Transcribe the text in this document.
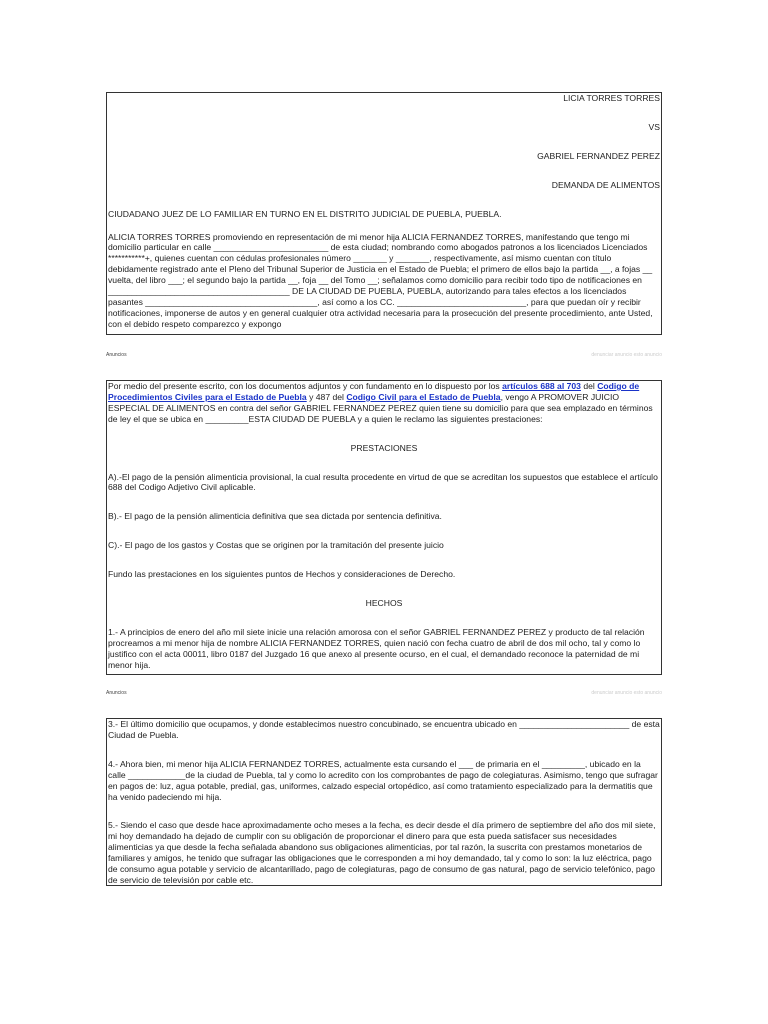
LICIA TORRES TORRES

VS

GABRIEL FERNANDEZ PEREZ

DEMANDA DE ALIMENTOS

CIUDADANO JUEZ DE LO FAMILIAR EN TURNO EN EL DISTRITO JUDICIAL DE PUEBLA, PUEBLA.

ALICIA TORRES TORRES promoviendo en representación de mi menor hija ALICIA FERNANDEZ TORRES, manifestando que tengo mi domicilio particular en calle ________________________ de esta ciudad; nombrando como abogados patronos a los licenciados Licenciados ***********+, quienes cuentan con cédulas profesionales número _______ y _______, respectivamente, así mismo cuentan con título debidamente registrado ante el Pleno del Tribunal Superior de Justicia en el Estado de Puebla; el primero de ellos bajo la partida __, a fojas __ vuelta, del libro ___; el segundo bajo la partida __, foja __ del Tomo __; señalamos como domicilio para recibir todo tipo de notificaciones en ______________________________________ DE LA CIUDAD DE PUEBLA, PUEBLA, autorizando para tales efectos a los licenciados pasantes ____________________________________, así como a los CC. ___________________________, para que puedan oír y recibir notificaciones, imponerse de autos y en general cualquier otra actividad necesaria para la prosecución del presente procedimiento, ante Usted, con el debido respeto comparezco y expongo

Anuncios	denunciar anuncio esto anuncio

Por medio del presente escrito, con los documentos adjuntos y con fundamento en lo dispuesto por los artículos 688 al 703 del Codigo de Procedimientos Civiles para el Estado de Puebla y 487 del Codigo Civil para el Estado de Puebla, vengo A PROMOVER JUICIO ESPECIAL DE ALIMENTOS en contra del señor GABRIEL FERNANDEZ PEREZ quien tiene su domicilio para que sea emplazado en términos de ley el que se ubica en _________ESTA CIUDAD DE PUEBLA y a quien le reclamo las siguientes prestaciones:

PRESTACIONES

A).-El pago de la pensión alimenticia provisional, la cual resulta procedente en virtud de que se acreditan los supuestos que establece el artículo 688 del Codigo Adjetivo Civil aplicable.

B).- El pago de la pensión alimenticia definitiva que sea dictada por sentencia definitiva.

C).- El pago de los gastos y Costas que se originen por la tramitación del presente juicio

Fundo las prestaciones en los siguientes puntos de Hechos y consideraciones de Derecho.

HECHOS

1.- A principios de enero del año mil siete inicie una relación amorosa con el señor GABRIEL FERNANDEZ PEREZ y producto de tal relación procreamos a mi menor hija de nombre ALICIA FERNANDEZ TORRES, quien nació con fecha cuatro de abril de dos mil ocho, tal y como lo justifico con el acta 00011, libro 0187 del Juzgado 16 que anexo al presente ocurso, en el cual, el demandado reconoce la paternidad de mi menor hija.

Anuncios	denunciar anuncio esto anuncio

3.- El último domicilio que ocupamos, y donde establecimos nuestro concubinado, se encuentra ubicado en _______________________ de esta Ciudad de Puebla.

4.- Ahora bien, mi menor hija ALICIA FERNANDEZ TORRES, actualmente esta cursando el ___ de primaria en el _________, ubicado en la calle ____________de la ciudad de Puebla, tal y como lo acredito con los comprobantes de pago de colegiaturas. Asimismo, tengo que sufragar en pagos de: luz, agua potable, predial, gas, uniformes, calzado especial ortopédico, así como tratamiento especializado para la dermatitis que ha venido padeciendo mi hija.

5.- Siendo el caso que desde hace aproximadamente ocho meses a la fecha, es decir desde el día primero de septiembre del año dos mil siete, mi hoy demandado ha dejado de cumplir con su obligación de proporcionar el dinero para que esta pueda satisfacer sus necesidades alimenticias ya que desde la fecha señalada abandono sus obligaciones alimenticias, por tal razón, la suscrita con prestamos monetarios de familiares y amigos, he tenido que sufragar las obligaciones que le corresponden a mi hoy demandado, tal y como lo son: la luz eléctrica, pago de consumo agua potable y servicio de alcantarillado, pago de colegiaturas, pago de consumo de gas natural, pago de servicio telefónico, pago de servicio de televisión por cable etc.
